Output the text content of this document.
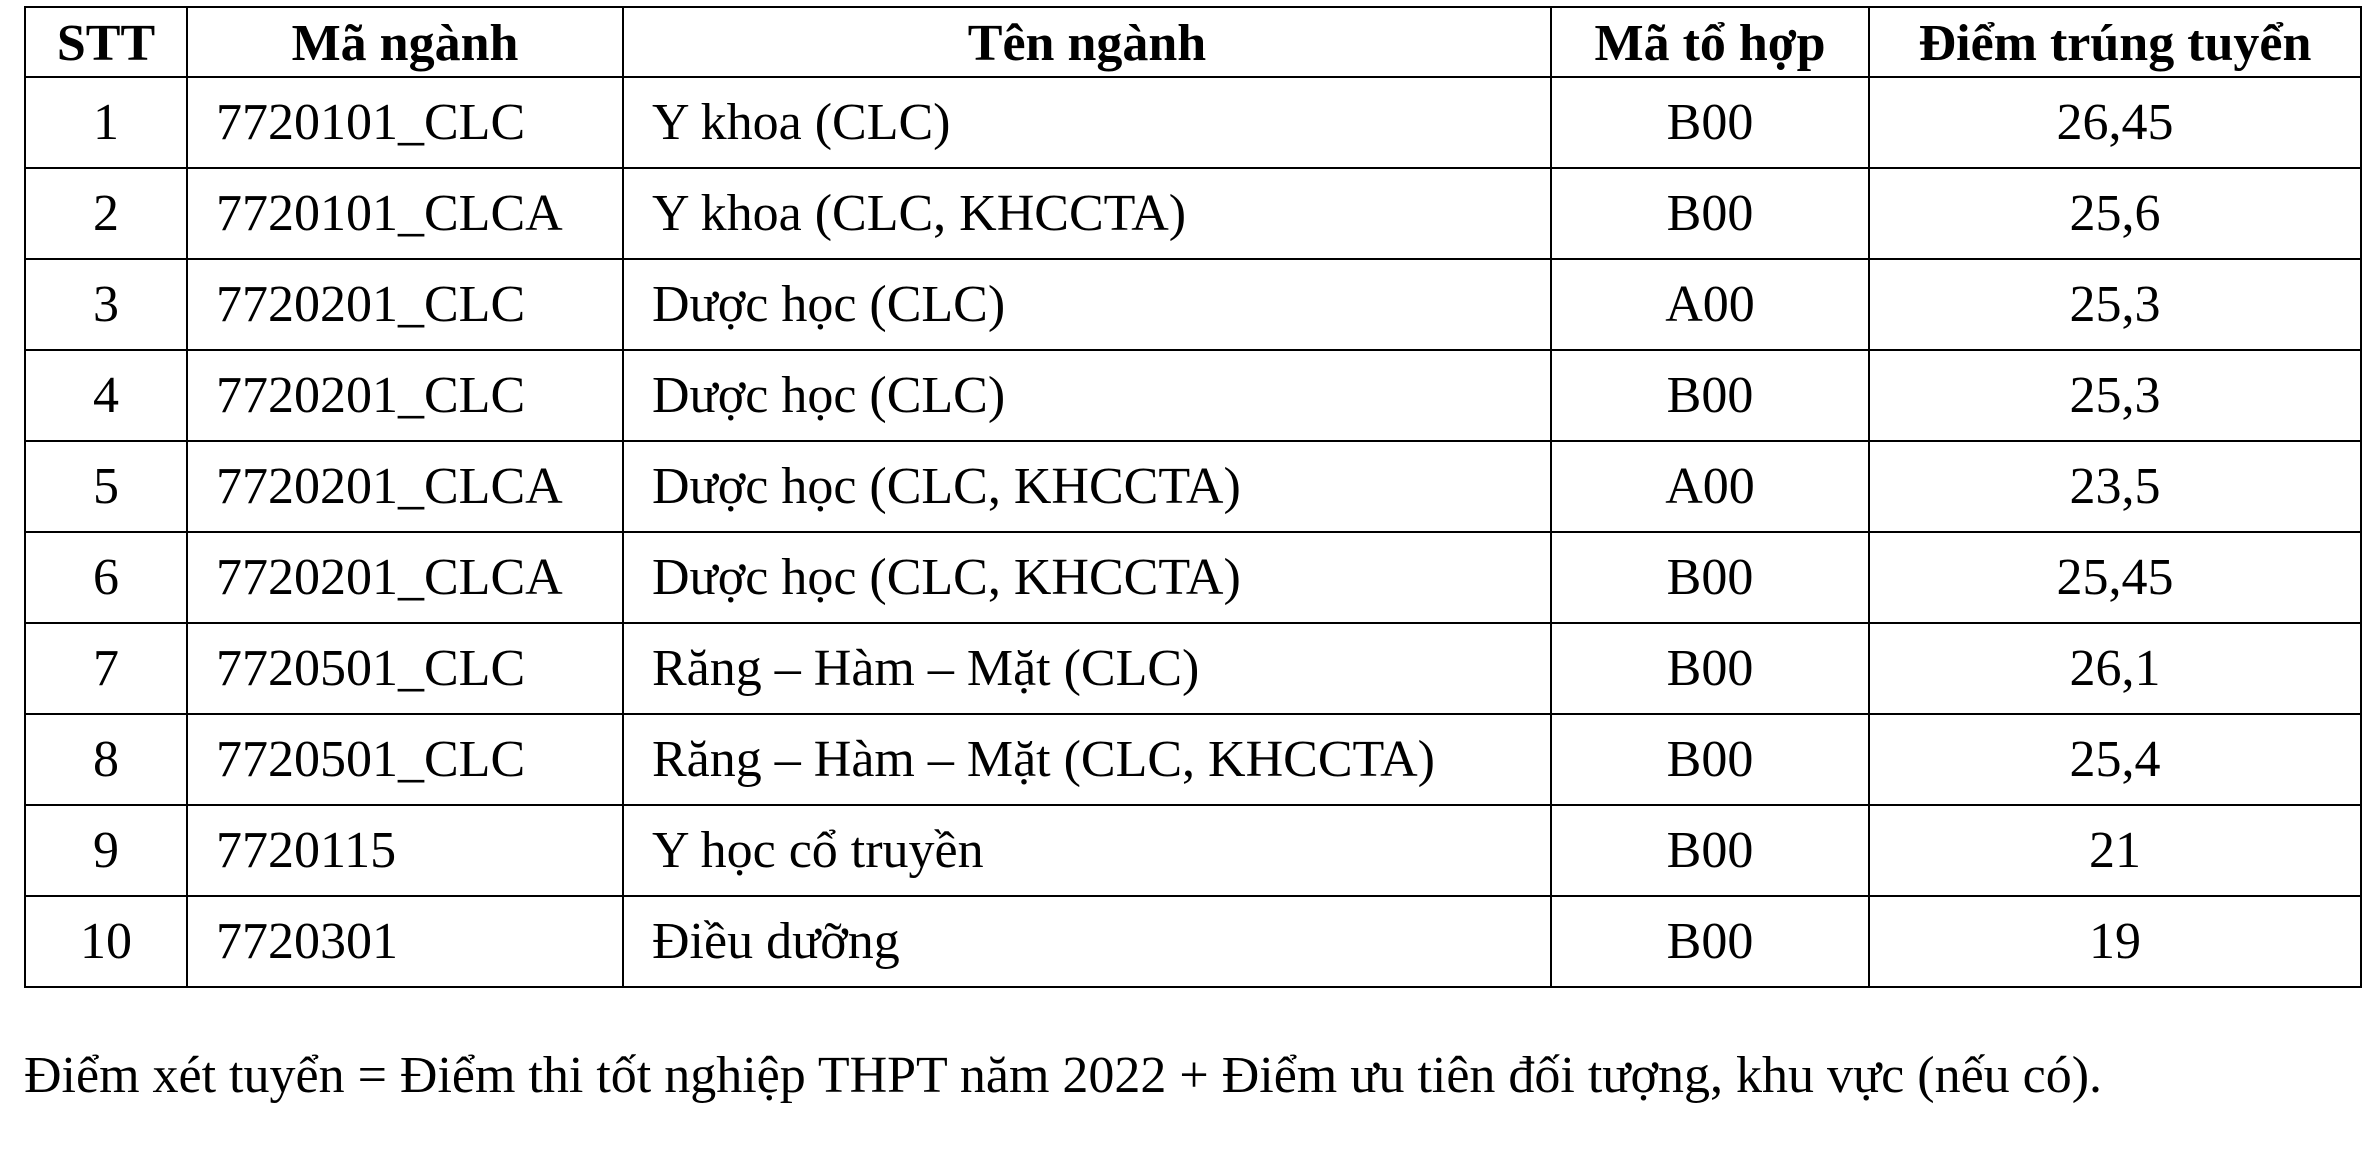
STT	Mã ngành	Tên ngành	Mã tổ hợp	Điểm trúng tuyển
1	7720101_CLC	Y khoa (CLC)	B00	26,45
2	7720101_CLCA	Y khoa (CLC, KHCCTA)	B00	25,6
3	7720201_CLC	Dược học (CLC)	A00	25,3
4	7720201_CLC	Dược học (CLC)	B00	25,3
5	7720201_CLCA	Dược học (CLC, KHCCTA)	A00	23,5
6	7720201_CLCA	Dược học (CLC, KHCCTA)	B00	25,45
7	7720501_CLC	Răng – Hàm – Mặt (CLC)	B00	26,1
8	7720501_CLC	Răng – Hàm – Mặt (CLC, KHCCTA)	B00	25,4
9	7720115	Y học cổ truyền	B00	21
10	7720301	Điều dưỡng	B00	19
Điểm xét tuyển = Điểm thi tốt nghiệp THPT năm 2022 + Điểm ưu tiên đối tượng, khu vực (nếu có).
